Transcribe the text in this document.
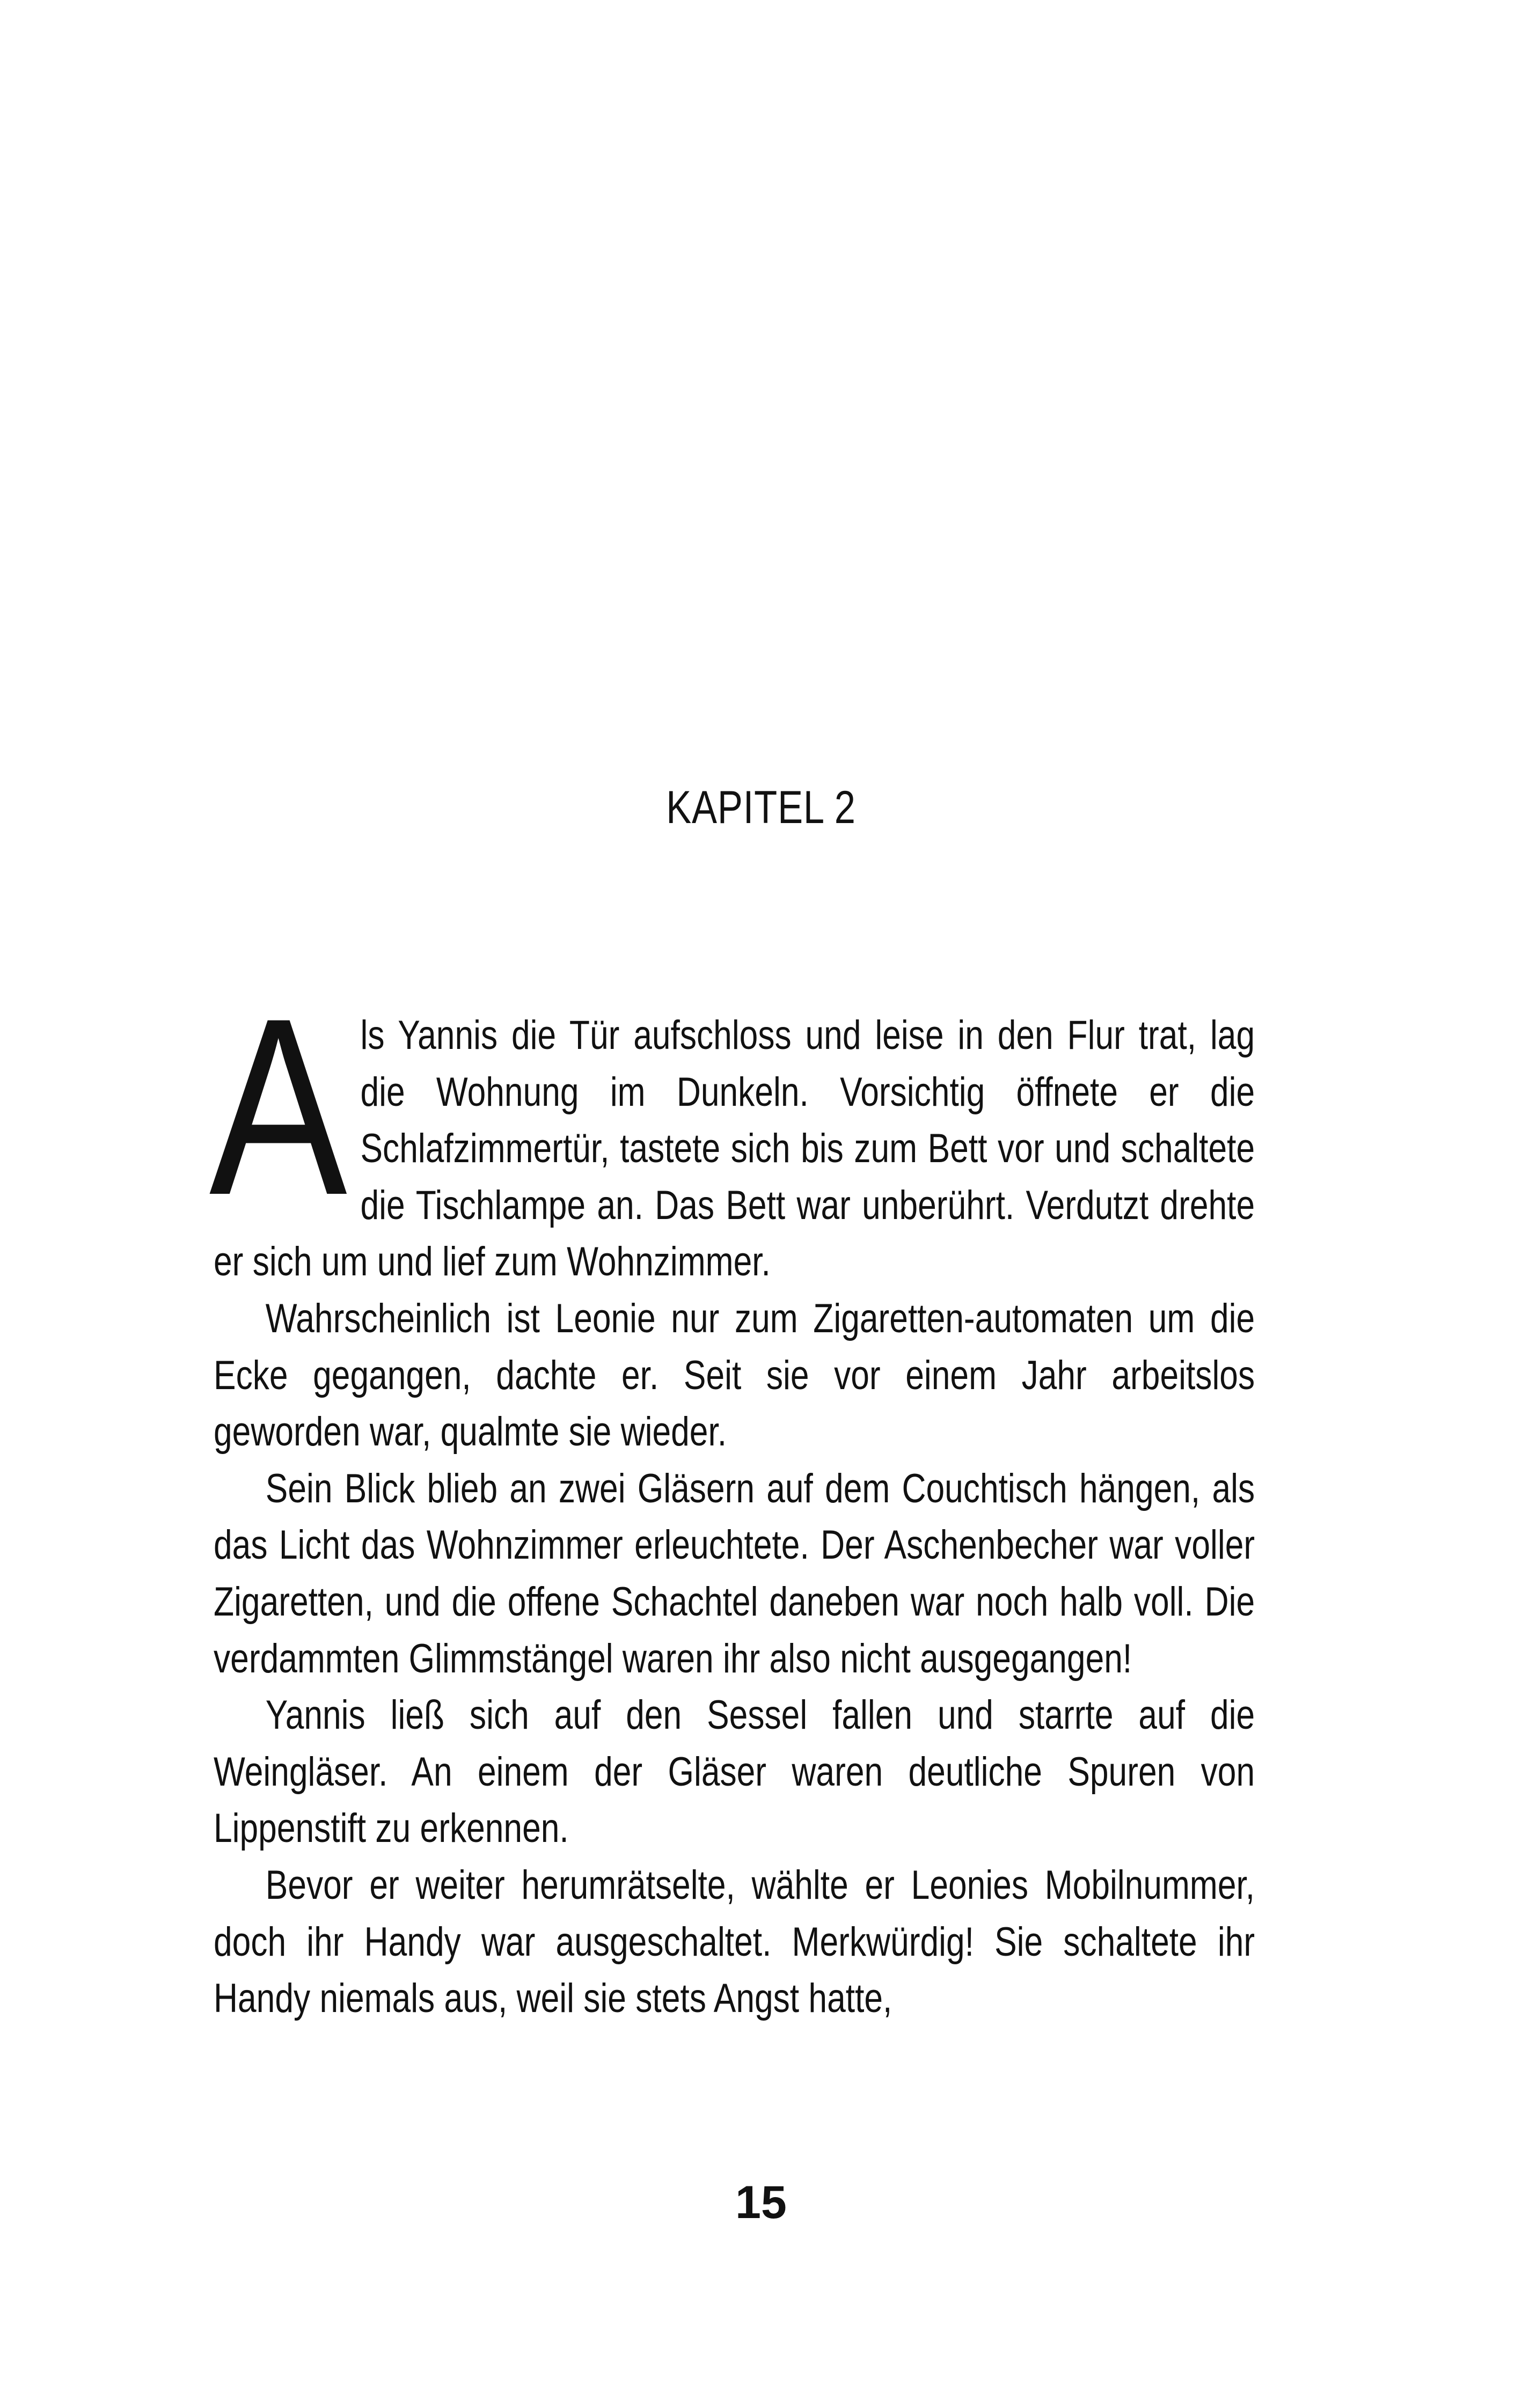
KAPITEL 2

Als Yannis die Tür aufschloss und leise in den Flur trat, lag die Wohnung im Dunkeln. Vorsichtig öffnete er die Schlafzimmertür, tastete sich bis zum Bett vor und schaltete die Tischlampe an. Das Bett war unberührt. Verdutzt drehte er sich um und lief zum Wohnzimmer.

Wahrscheinlich ist Leonie nur zum Zigaretten-automaten um die Ecke gegangen, dachte er. Seit sie vor einem Jahr arbeitslos geworden war, qualmte sie wieder.

Sein Blick blieb an zwei Gläsern auf dem Couchtisch hängen, als das Licht das Wohnzimmer erleuchtete. Der Aschenbecher war voller Zigaretten, und die offene Schachtel daneben war noch halb voll. Die verdammten Glimmstängel waren ihr also nicht ausgegangen!

Yannis ließ sich auf den Sessel fallen und starrte auf die Weingläser. An einem der Gläser waren deutliche Spuren von Lippenstift zu erkennen.

Bevor er weiter herumrätselte, wählte er Leonies Mobilnummer, doch ihr Handy war ausgeschaltet. Merkwürdig! Sie schaltete ihr Handy niemals aus, weil sie stets Angst hatte,

15
